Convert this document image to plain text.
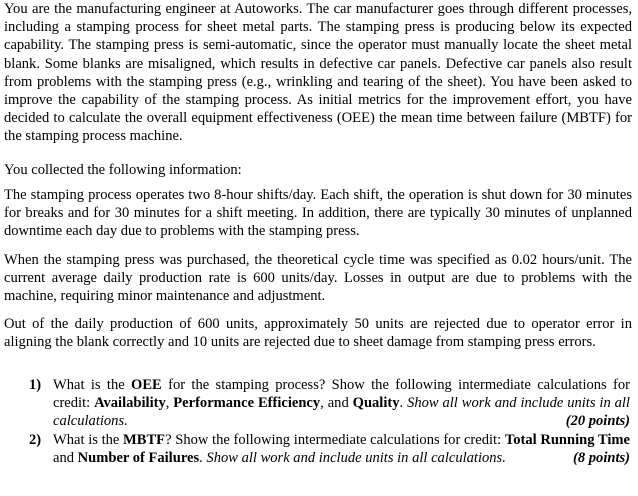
You are the manufacturing engineer at Autoworks. The car manufacturer goes through different processes, including a stamping process for sheet metal parts. The stamping press is producing below its expected capability. The stamping press is semi-automatic, since the operator must manually locate the sheet metal blank. Some blanks are misaligned, which results in defective car panels. Defective car panels also result from problems with the stamping press (e.g., wrinkling and tearing of the sheet). You have been asked to improve the capability of the stamping process. As initial metrics for the improvement effort, you have decided to calculate the overall equipment effectiveness (OEE) the mean time between failure (MBTF) for the stamping process machine.

You collected the following information:

The stamping process operates two 8-hour shifts/day. Each shift, the operation is shut down for 30 minutes for breaks and for 30 minutes for a shift meeting. In addition, there are typically 30 minutes of unplanned downtime each day due to problems with the stamping press.

When the stamping press was purchased, the theoretical cycle time was specified as 0.02 hours/unit. The current average daily production rate is 600 units/day. Losses in output are due to problems with the machine, requiring minor maintenance and adjustment.

Out of the daily production of 600 units, approximately 50 units are rejected due to operator error in aligning the blank correctly and 10 units are rejected due to sheet damage from stamping press errors.

1) What is the OEE for the stamping process? Show the following intermediate calculations for credit: Availability, Performance Efficiency, and Quality. Show all work and include units in all calculations.	(20 points)
2) What is the MBTF? Show the following intermediate calculations for credit: Total Running Time and Number of Failures. Show all work and include units in all calculations.	(8 points)
